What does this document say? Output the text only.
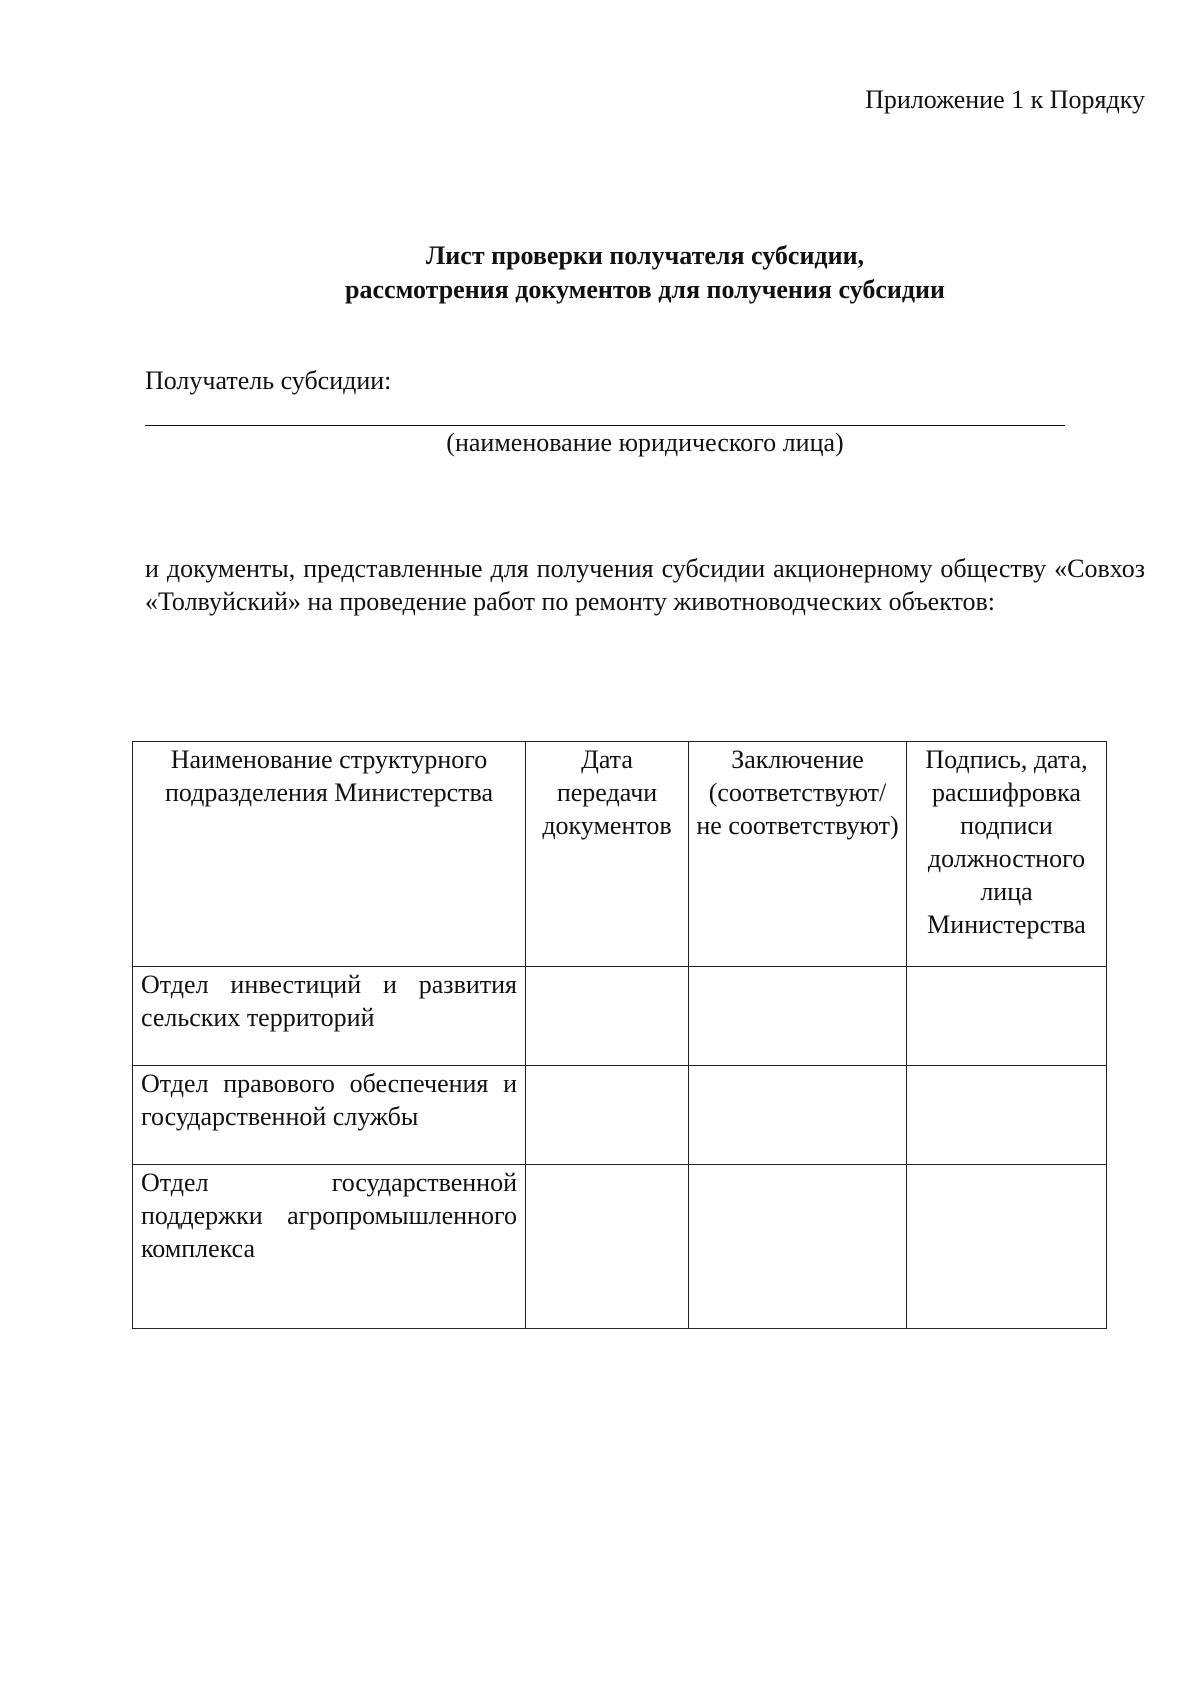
Приложение 1 к Порядку
Лист проверки получателя субсидии,
рассмотрения документов для получения субсидии
Получатель субсидии:
(наименование юридического лица)
и документы, представленные для получения субсидии акционерному обществу «Совхоз «Толвуйский» на проведение работ по ремонту животноводческих объектов:
Наименование структурного подразделения Министерства	Дата передачи документов	Заключение (соответствуют/ не соответствуют)	Подпись, дата, расшифровка подписи должностного лица Министерства
Отдел инвестиций и развития сельских территорий			
Отдел правового обеспечения и государственной службы			
Отдел государственной поддержки агропромышленного комплекса			
